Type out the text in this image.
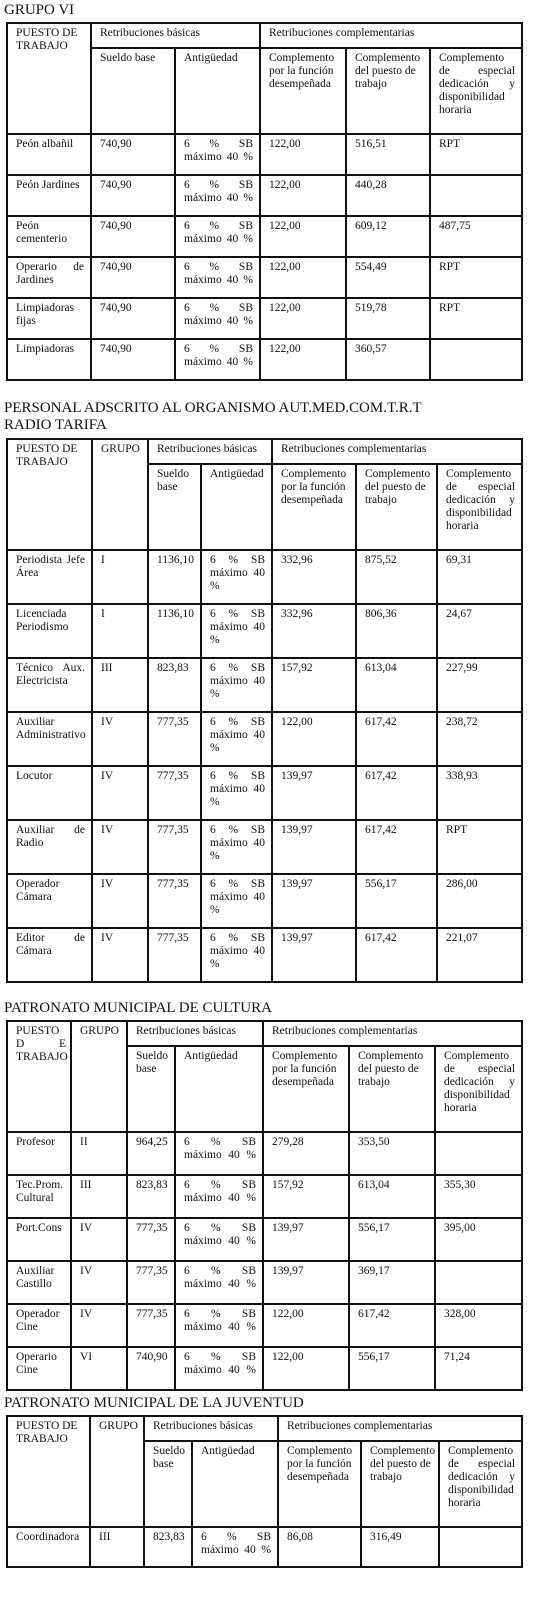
GRUPO VI
PUESTO DE TRABAJO	Retribuciones básicas		Retribuciones complementarias		
	Sueldo base	Antigüedad	Complemento por la función desempeñada	Complemento del puesto de trabajo	Complemento de especial dedicación y disponibilidad horaria
Peón albañil	740,90	6 % SB máximo 40 %	122,00	516,51	RPT
Peón Jardines	740,90	6 % SB máximo 40 %	122,00	440,28	
Peón cementerio	740,90	6 % SB máximo 40 %	122,00	609,12	487,75
Operario de Jardines	740,90	6 % SB máximo 40 %	122,00	554,49	RPT
Limpiadoras fijas	740,90	6 % SB máximo 40 %	122,00	519,78	RPT
Limpiadoras	740,90	6 % SB máximo 40 %	122,00	360,57	
PERSONAL ADSCRITO AL ORGANISMO AUT.MED.COM.T.R.T RADIO TARIFA
PUESTO DE TRABAJO	GRUPO	Retribuciones básicas		Retribuciones complementarias		
		Sueldo base	Antigüedad	Complemento por la función desempeñada	Complemento del puesto de trabajo	Complemento de especial dedicación y disponibilidad horaria
Periodista Jefe Área	I	1136,10	6 % SB máximo 40 %	332,96	875,52	69,31
Licenciada Periodismo	I	1136,10	6 % SB máximo 40 %	332,96	806,36	24,67
Técnico Aux. Electricista	III	823,83	6 % SB máximo 40 %	157,92	613,04	227,99
Auxiliar Administrativo	IV	777,35	6 % SB máximo 40 %	122,00	617,42	238,72
Locutor	IV	777,35	6 % SB máximo 40 %	139,97	617,42	338,93
Auxiliar de Radio	IV	777,35	6 % SB máximo 40 %	139,97	617,42	RPT
Operador Cámara	IV	777,35	6 % SB máximo 40 %	139,97	556,17	286,00
Editor de Cámara	IV	777,35	6 % SB máximo 40 %	139,97	617,42	221,07
PATRONATO MUNICIPAL DE CULTURA
PUESTO
D E
TRABAJO	GRUPO	Retribuciones básicas		Retribuciones complementarias		
		Sueldo base	Antigüedad	Complemento por la función desempeñada	Complemento del puesto de trabajo	Complemento de especial dedicación y disponibilidad horaria
Profesor	II	964,25	6 % SB máximo 40 %	279,28	353,50	
Tec.Prom. Cultural	III	823,83	6 % SB máximo 40 %	157,92	613,04	355,30
Port.Cons	IV	777,35	6 % SB máximo 40 %	139,97	556,17	395,00
Auxiliar Castillo	IV	777,35	6 % SB máximo 40 %	139,97	369,17	
Operador Cine	IV	777,35	6 % SB máximo 40 %	122,00	617,42	328,00
Operario Cine	VI	740,90	6 % SB máximo 40 %	122,00	556,17	71,24
PATRONATO MUNICIPAL DE LA JUVENTUD
PUESTO DE TRABAJO	GRUPO	Retribuciones básicas		Retribuciones complementarias		
		Sueldo base	Antigüedad	Complemento por la función desempeñada	Complemento del puesto de trabajo	Complemento de especial dedicación y disponibilidad horaria
Coordinadora	III	823,83	6 % SB máximo 40 %	86,08	316,49	
